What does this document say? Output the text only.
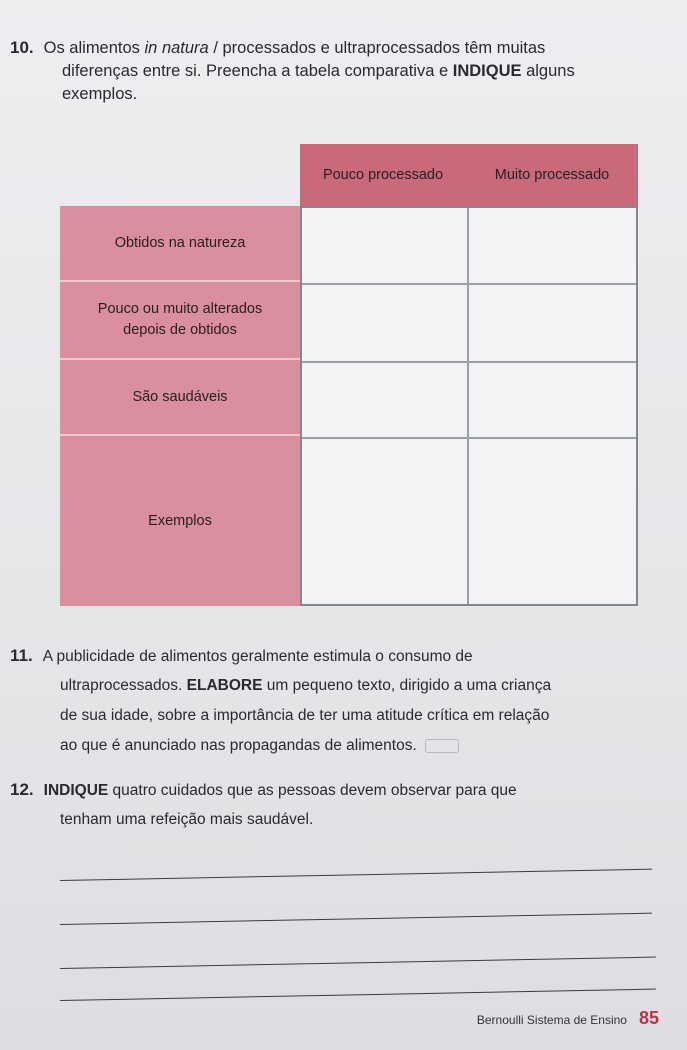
10. Os alimentos in natura / processados e ultraprocessados têm muitas
diferenças entre si. Preencha a tabela comparativa e INDIQUE alguns
exemplos.
Pouco processado	Muito processado
Obtidos na natureza
Pouco ou muito alterados
depois de obtidos
São saudáveis
Exemplos
11. A publicidade de alimentos geralmente estimula o consumo de
ultraprocessados. ELABORE um pequeno texto, dirigido a uma criança
de sua idade, sobre a importância de ter uma atitude crítica em relação
ao que é anunciado nas propagandas de alimentos.
12. INDIQUE quatro cuidados que as pessoas devem observar para que
tenham uma refeição mais saudável.
Bernoulli Sistema de Ensino 85
